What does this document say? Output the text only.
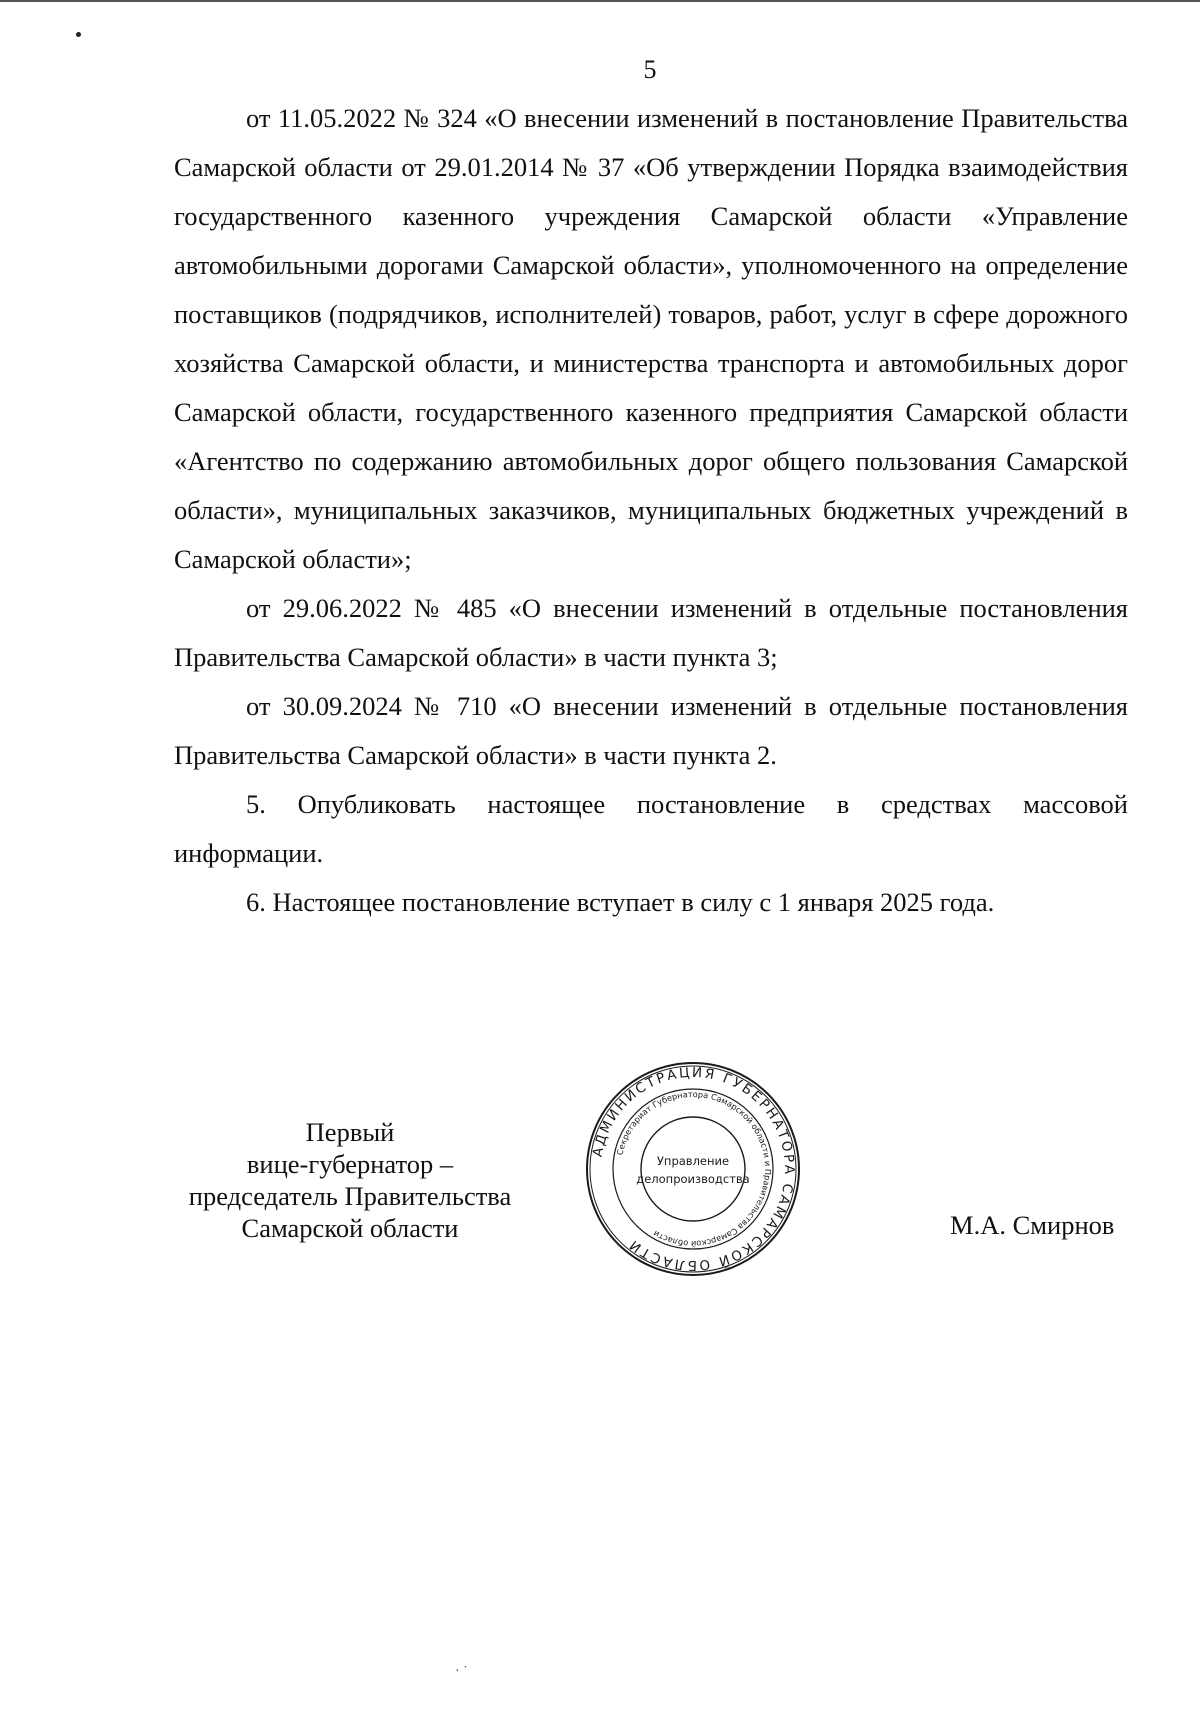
5

от 11.05.2022 № 324 «О внесении изменений в постановление Правительства Самарской области от 29.01.2014 № 37 «Об утверждении Порядка взаимодействия государственного казенного учреждения Самарской области «Управление автомобильными дорогами Самарской области», уполномоченного на определение поставщиков (подрядчиков, исполнителей) товаров, работ, услуг в сфере дорожного хозяйства Самарской области, и министерства транспорта и автомобильных дорог Самарской области, государственного казенного предприятия Самарской области «Агентство по содержанию автомобильных дорог общего пользования Самарской области», муниципальных заказчиков, муниципальных бюджетных учреждений в Самарской области»;

от 29.06.2022 № 485 «О внесении изменений в отдельные постановления Правительства Самарской области» в части пункта 3;

от 30.09.2024 № 710 «О внесении изменений в отдельные постановления Правительства Самарской области» в части пункта 2.

5. Опубликовать настоящее постановление в средствах массовой информации.

6. Настоящее постановление вступает в силу с 1 января 2025 года.

Первый
вице-губернатор –
председатель Правительства
Самарской области
АДМИНИСТРАЦИЯ ГУБЕРНАТОРА САМАРСКОЙ ОБЛАСТИ
Секретариат Губернатора Самарской области и Правительства Самарской области
Управление
делопроизводства
М.А. Смирнов
· ˙
